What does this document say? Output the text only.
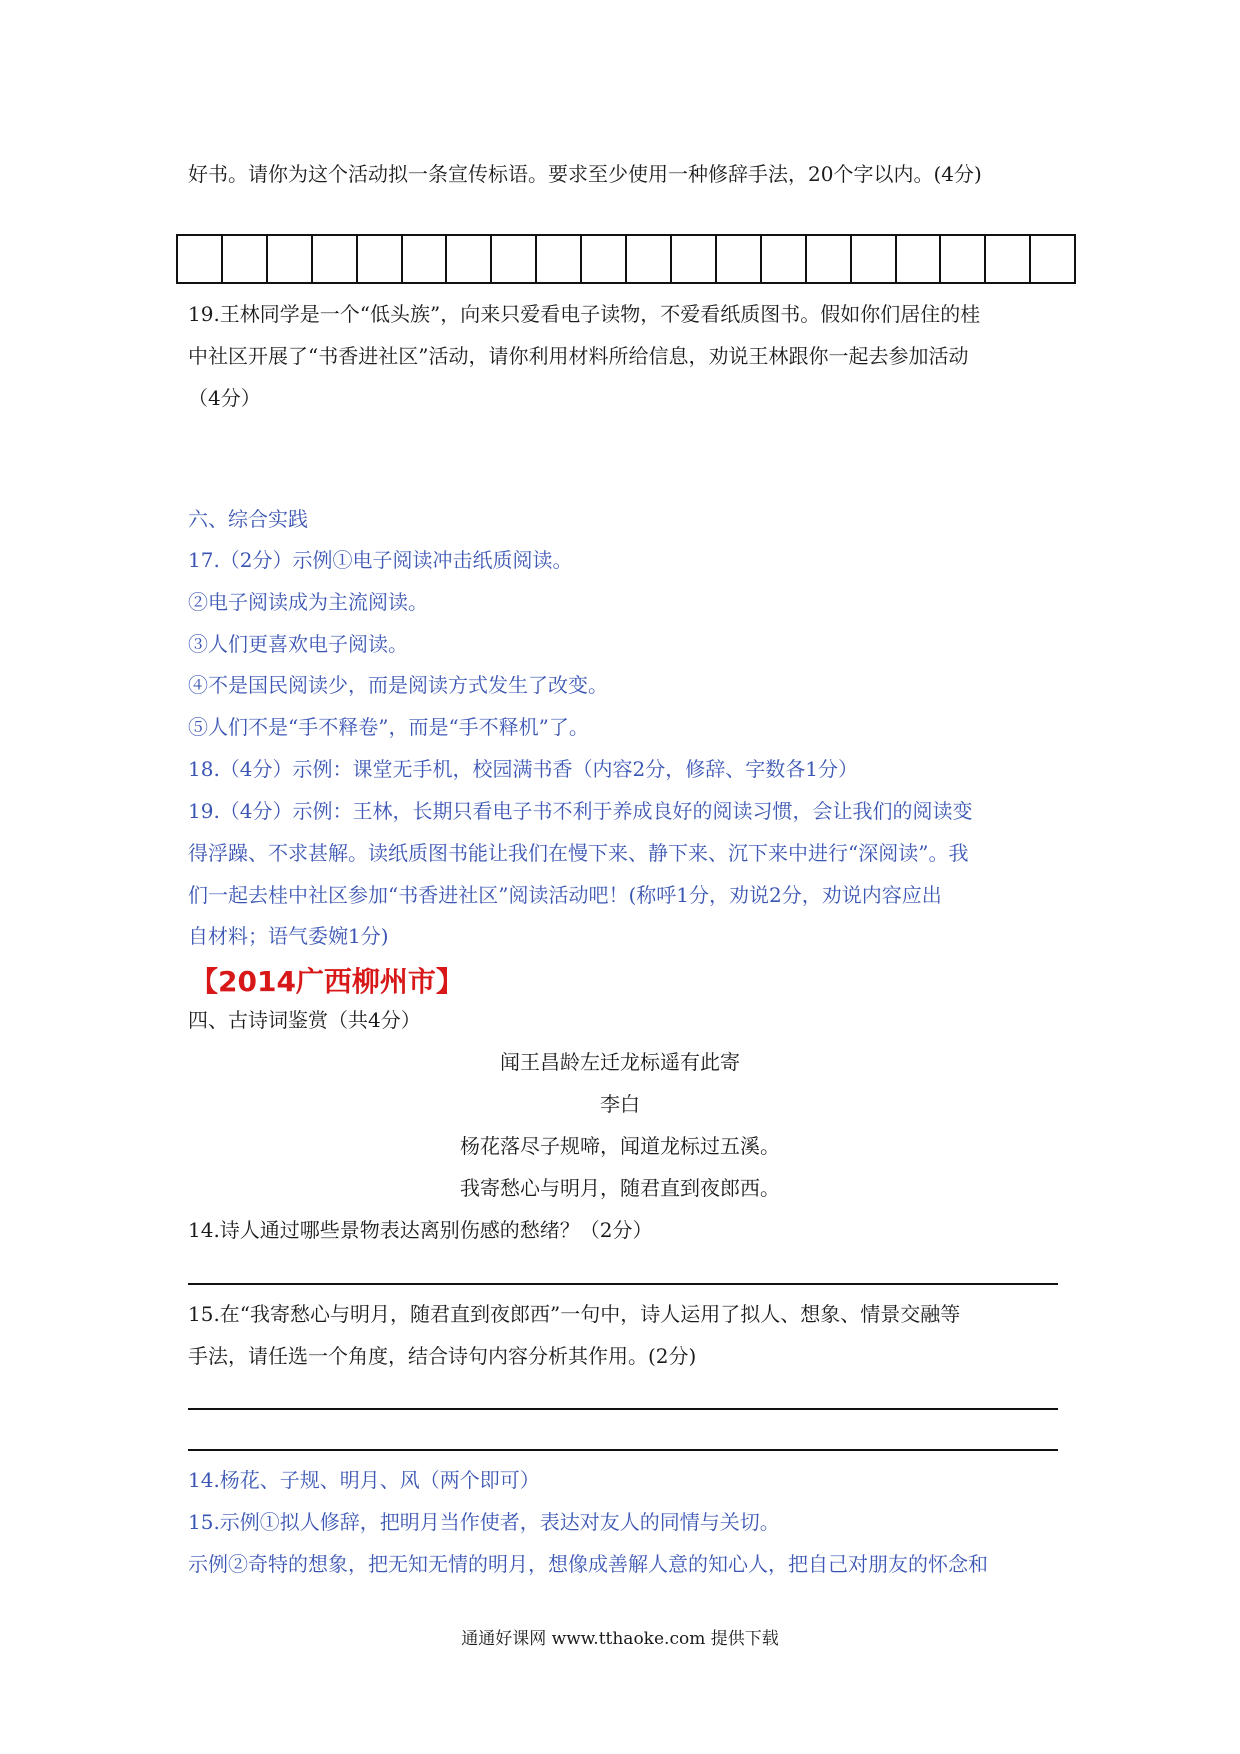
好书。请你为这个活动拟一条宣传标语。要求至少使用一种修辞手法，20个字以内。(4分)
19.王林同学是一个“低头族”，向来只爱看电子读物，不爱看纸质图书。假如你们居住的桂
中社区开展了“书香进社区”活动，请你利用材料所给信息，劝说王林跟你一起去参加活动
（4分）
六、综合实践
17.（2分）示例①电子阅读冲击纸质阅读。
②电子阅读成为主流阅读。
③人们更喜欢电子阅读。
④不是国民阅读少，而是阅读方式发生了改变。
⑤人们不是“手不释卷”，而是“手不释机”了。
18.（4分）示例：课堂无手机，校园满书香（内容2分，修辞、字数各1分）
19.（4分）示例：王林，长期只看电子书不利于养成良好的阅读习惯，会让我们的阅读变
得浮躁、不求甚解。读纸质图书能让我们在慢下来、静下来、沉下来中进行“深阅读”。我
们一起去桂中社区参加“书香进社区”阅读活动吧！(称呼1分，劝说2分，劝说内容应出
自材料；语气委婉1分)
【2014广西柳州市】
四、古诗词鉴赏（共4分）
闻王昌龄左迁龙标遥有此寄
李白
杨花落尽子规啼，闻道龙标过五溪。
我寄愁心与明月，随君直到夜郎西。
14.诗人通过哪些景物表达离别伤感的愁绪？（2分）
15.在“我寄愁心与明月，随君直到夜郎西”一句中，诗人运用了拟人、想象、情景交融等
手法，请任选一个角度，结合诗句内容分析其作用。(2分)
14.杨花、子规、明月、风（两个即可）
15.示例①拟人修辞，把明月当作使者，表达对友人的同情与关切。
示例②奇特的想象，把无知无情的明月，想像成善解人意的知心人，把自己对朋友的怀念和
通通好课网 www.tthaoke.com 提供下载
